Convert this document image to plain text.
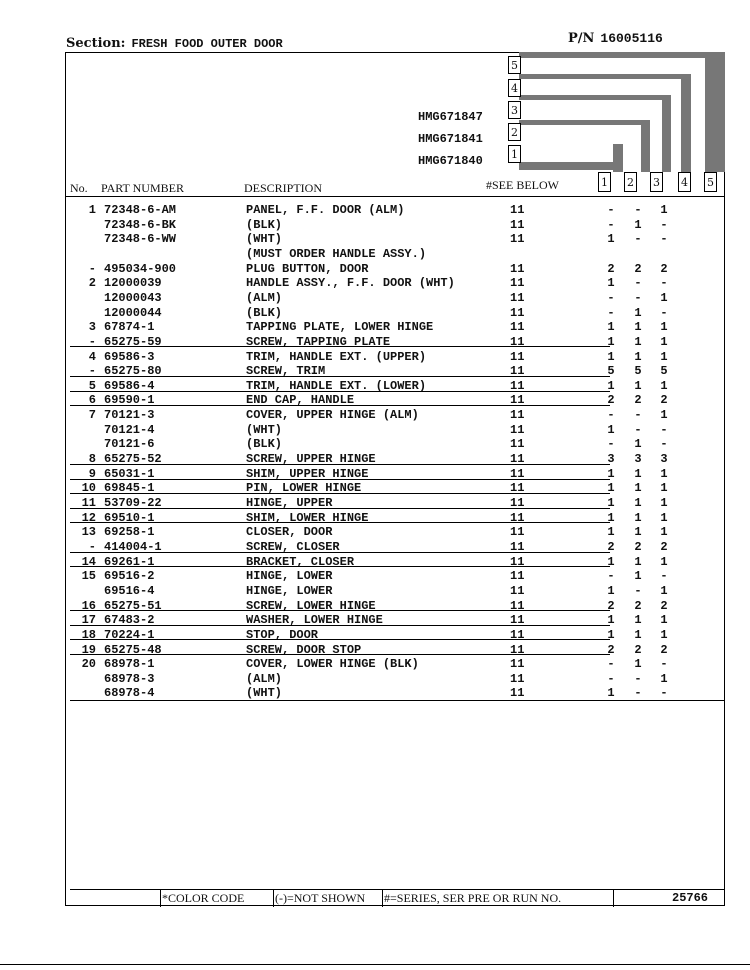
Section: FRESH FOOD OUTER DOOR	P/N 16005116
5
4
3
2
1
HMG671847
HMG671841
HMG671840
No. PART NUMBER	DESCRIPTION	#SEE BELOW	1 2 3 4 5
1 72348-6-AM	PANEL, F.F. DOOR (ALM)	11	- - 1
72348-6-BK	(BLK)	11	- 1 -
72348-6-WW	(WHT)	11	1 - -
(MUST ORDER HANDLE ASSY.)
- 495034-900	PLUG BUTTON, DOOR	11	2 2 2
2 12000039	HANDLE ASSY., F.F. DOOR (WHT)	11	1 - -
12000043	(ALM)	11	- - 1
12000044	(BLK)	11	- 1 -
3 67874-1	TAPPING PLATE, LOWER HINGE	11	1 1 1
- 65275-59	SCREW, TAPPING PLATE	11	1 1 1
4 69586-3	TRIM, HANDLE EXT. (UPPER)	11	1 1 1
- 65275-80	SCREW, TRIM	11	5 5 5
5 69586-4	TRIM, HANDLE EXT. (LOWER)	11	1 1 1
6 69590-1	END CAP, HANDLE	11	2 2 2
7 70121-3	COVER, UPPER HINGE (ALM)	11	- - 1
70121-4	(WHT)	11	1 - -
70121-6	(BLK)	11	- 1 -
8 65275-52	SCREW, UPPER HINGE	11	3 3 3
9 65031-1	SHIM, UPPER HINGE	11	1 1 1
10 69845-1	PIN, LOWER HINGE	11	1 1 1
11 53709-22	HINGE, UPPER	11	1 1 1
12 69510-1	SHIM, LOWER HINGE	11	1 1 1
13 69258-1	CLOSER, DOOR	11	1 1 1
- 414004-1	SCREW, CLOSER	11	2 2 2
14 69261-1	BRACKET, CLOSER	11	1 1 1
15 69516-2	HINGE, LOWER	11	- 1 -
69516-4	HINGE, LOWER	11	1 - 1
16 65275-51	SCREW, LOWER HINGE	11	2 2 2
17 67483-2	WASHER, LOWER HINGE	11	1 1 1
18 70224-1	STOP, DOOR	11	1 1 1
19 65275-48	SCREW, DOOR STOP	11	2 2 2
20 68978-1	COVER, LOWER HINGE (BLK)	11	- 1 -
68978-3	(ALM)	11	- - 1
68978-4	(WHT)	11	1 - -
*COLOR CODE	(-)=NOT SHOWN #=SERIES, SER PRE OR RUN NO.	25766
